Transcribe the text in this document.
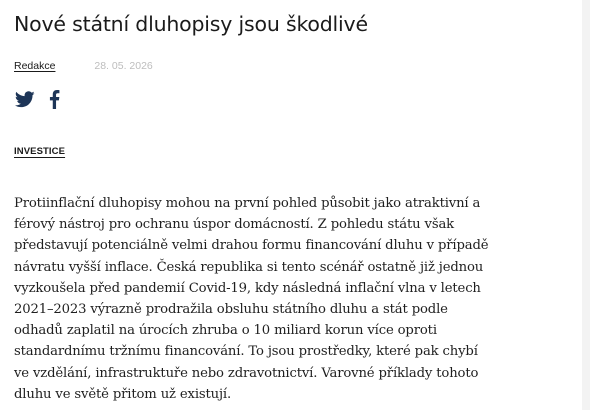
Nové státní dluhopisy jsou škodlivé
Redakce	28. 05. 2026
INVESTICE

Protiinflační dluhopisy mohou na první pohled působit jako atraktivní a
férový nástroj pro ochranu úspor domácností. Z pohledu státu však
představují potenciálně velmi drahou formu financování dluhu v případě
návratu vyšší inflace. Česká republika si tento scénář ostatně již jednou
vyzkoušela před pandemií Covid-19, kdy následná inflační vlna v letech
2021–2023 výrazně prodražila obsluhu státního dluhu a stát podle
odhadů zaplatil na úrocích zhruba o 10 miliard korun více oproti
standardnímu tržnímu financování. To jsou prostředky, které pak chybí
ve vzdělání, infrastruktuře nebo zdravotnictví. Varovné příklady tohoto
dluhu ve světě přitom už existují.
